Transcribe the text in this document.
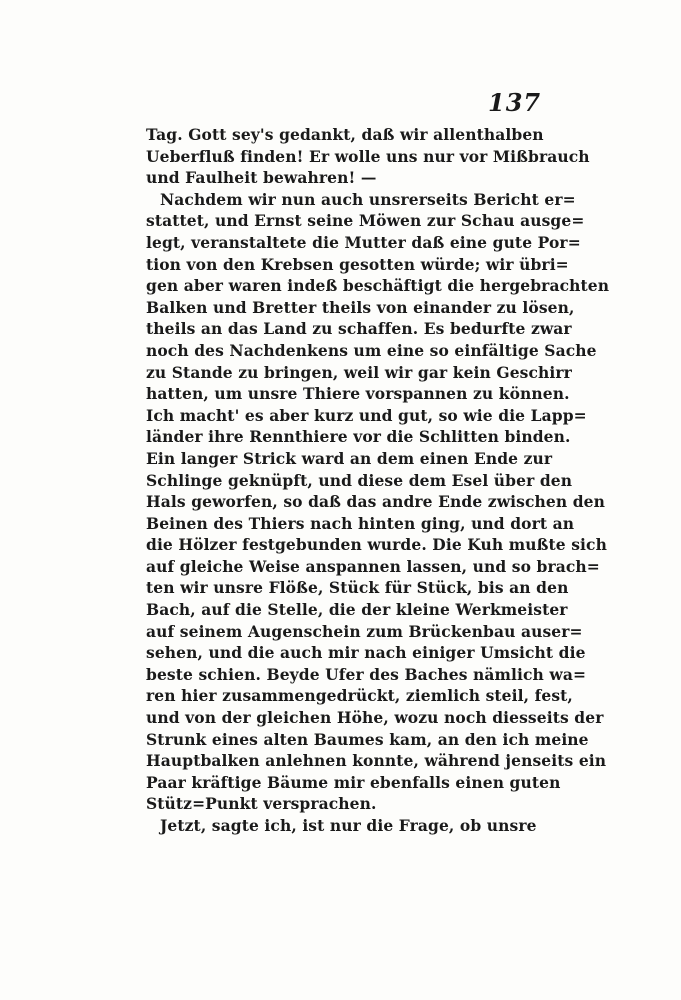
137
Tag. Gott sey's gedankt, daß wir allenthalben
Ueberfluß finden! Er wolle uns nur vor Mißbrauch
und Faulheit bewahren! —
Nachdem wir nun auch unsrerseits Bericht er=
stattet, und Ernst seine Möwen zur Schau ausge=
legt, veranstaltete die Mutter daß eine gute Por=
tion von den Krebsen gesotten würde; wir übri=
gen aber waren indeß beschäftigt die hergebrachten
Balken und Bretter theils von einander zu lösen,
theils an das Land zu schaffen. Es bedurfte zwar
noch des Nachdenkens um eine so einfältige Sache
zu Stande zu bringen, weil wir gar kein Geschirr
hatten, um unsre Thiere vorspannen zu können.
Ich macht' es aber kurz und gut, so wie die Lapp=
länder ihre Rennthiere vor die Schlitten binden.
Ein langer Strick ward an dem einen Ende zur
Schlinge geknüpft, und diese dem Esel über den
Hals geworfen, so daß das andre Ende zwischen den
Beinen des Thiers nach hinten ging, und dort an
die Hölzer festgebunden wurde. Die Kuh mußte sich
auf gleiche Weise anspannen lassen, und so brach=
ten wir unsre Flöße, Stück für Stück, bis an den
Bach, auf die Stelle, die der kleine Werkmeister
auf seinem Augenschein zum Brückenbau auser=
sehen, und die auch mir nach einiger Umsicht die
beste schien. Beyde Ufer des Baches nämlich wa=
ren hier zusammengedrückt, ziemlich steil, fest,
und von der gleichen Höhe, wozu noch diesseits der
Strunk eines alten Baumes kam, an den ich meine
Hauptbalken anlehnen konnte, während jenseits ein
Paar kräftige Bäume mir ebenfalls einen guten
Stütz=Punkt versprachen.
Jetzt, sagte ich, ist nur die Frage, ob unsre
